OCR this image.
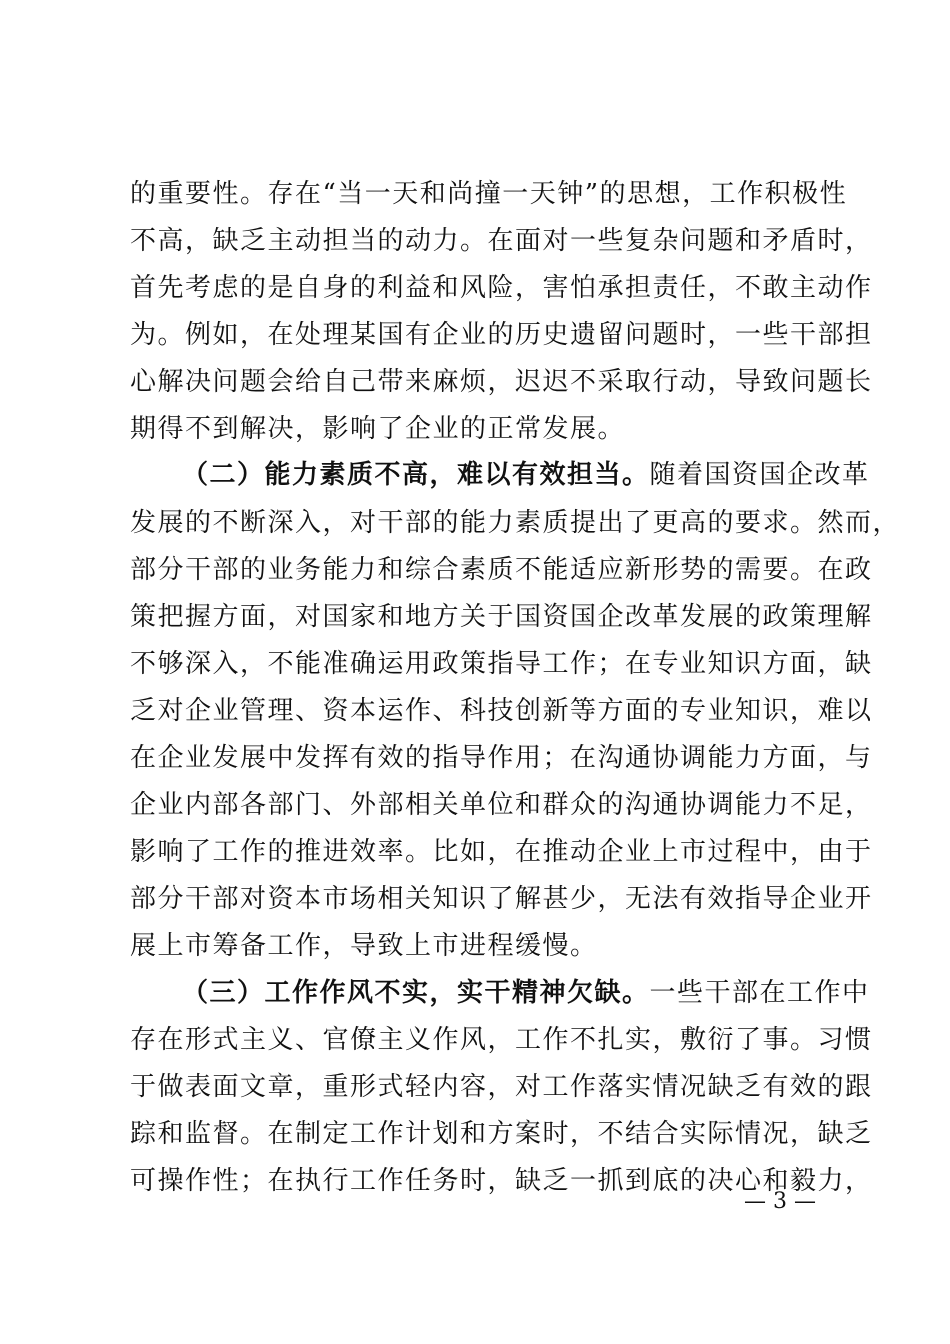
的重要性。存在“当一天和尚撞一天钟”的思想，工作积极性
不高，缺乏主动担当的动力。在面对一些复杂问题和矛盾时，
首先考虑的是自身的利益和风险，害怕承担责任，不敢主动作
为。例如，在处理某国有企业的历史遗留问题时，一些干部担
心解决问题会给自己带来麻烦，迟迟不采取行动，导致问题长
期得不到解决，影响了企业的正常发展。
（二）能力素质不高，难以有效担当。随着国资国企改革
发展的不断深入，对干部的能力素质提出了更高的要求。然而，
部分干部的业务能力和综合素质不能适应新形势的需要。在政
策把握方面，对国家和地方关于国资国企改革发展的政策理解
不够深入，不能准确运用政策指导工作；在专业知识方面，缺
乏对企业管理、资本运作、科技创新等方面的专业知识，难以
在企业发展中发挥有效的指导作用；在沟通协调能力方面，与
企业内部各部门、外部相关单位和群众的沟通协调能力不足，
影响了工作的推进效率。比如，在推动企业上市过程中，由于
部分干部对资本市场相关知识了解甚少，无法有效指导企业开
展上市筹备工作，导致上市进程缓慢。
（三）工作作风不实，实干精神欠缺。一些干部在工作中
存在形式主义、官僚主义作风，工作不扎实，敷衍了事。习惯
于做表面文章，重形式轻内容，对工作落实情况缺乏有效的跟
踪和监督。在制定工作计划和方案时，不结合实际情况，缺乏
可操作性；在执行工作任务时，缺乏一抓到底的决心和毅力，
— 3 —
